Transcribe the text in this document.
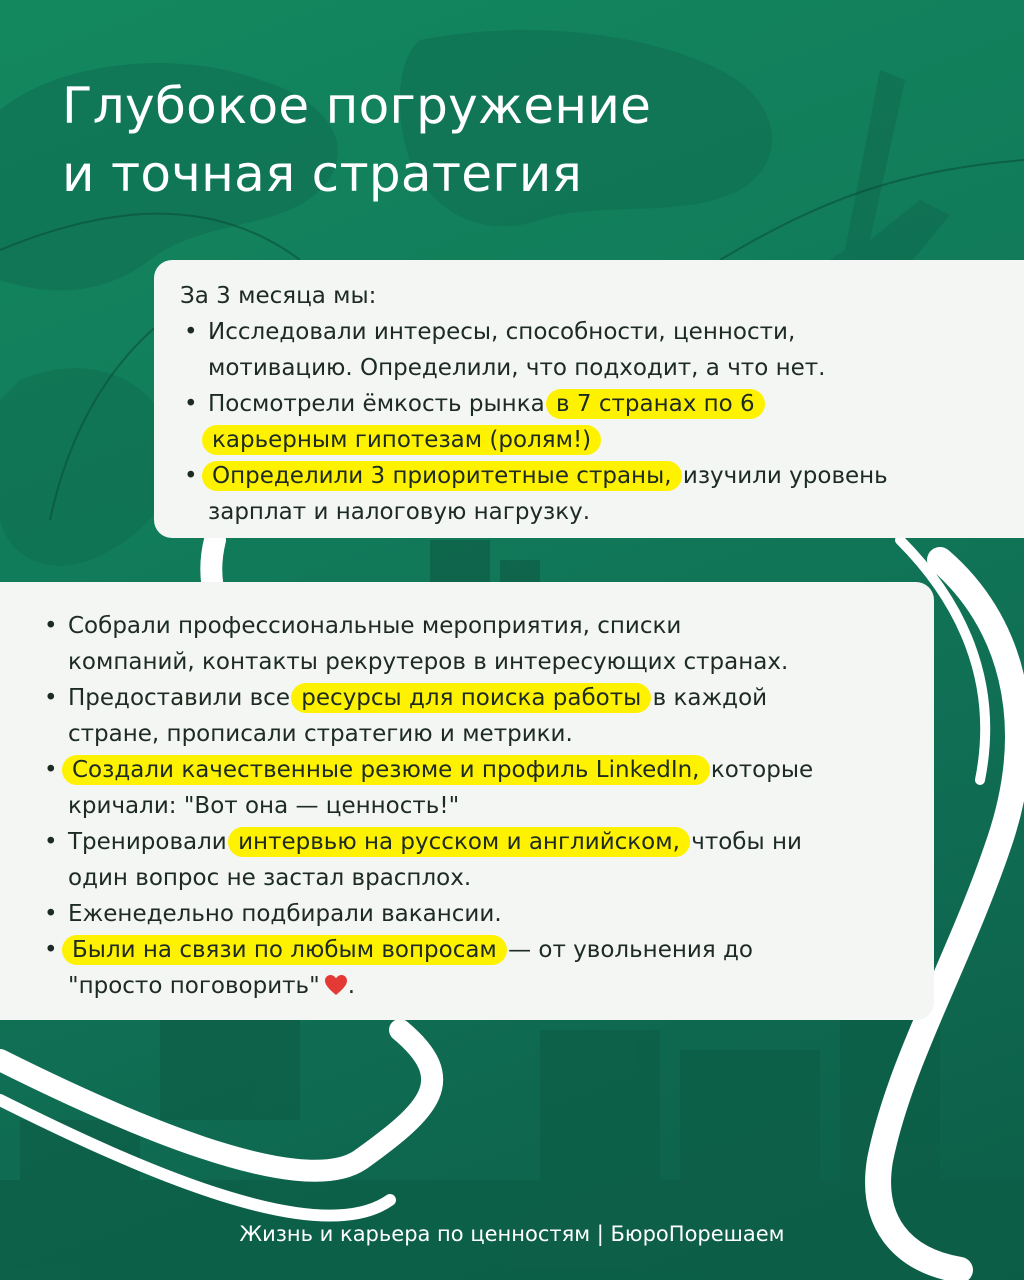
Глубокое погружение
и точная стратегия
За 3 месяца мы:
• Исследовали интересы, способности, ценности,
мотивацию. Определили, что подходит, а что нет.
• Посмотрели ёмкость рынка в 7 странах по 6
карьерным гипотезам (ролям!)
• Определили 3 приоритетные страны, изучили уровень
зарплат и налоговую нагрузку.
• Собрали профессиональные мероприятия, списки
компаний, контакты рекрутеров в интересующих странах.
• Предоставили все ресурсы для поиска работы в каждой
стране, прописали стратегию и метрики.
• Создали качественные резюме и профиль LinkedIn, которые
кричали: "Вот она — ценность!"
• Тренировали интервью на русском и английском, чтобы ни
один вопрос не застал врасплох.
• Еженедельно подбирали вакансии.
• Были на связи по любым вопросам — от увольнения до
"просто поговорить" .
Жизнь и карьера по ценностям | БюроПорешаем
